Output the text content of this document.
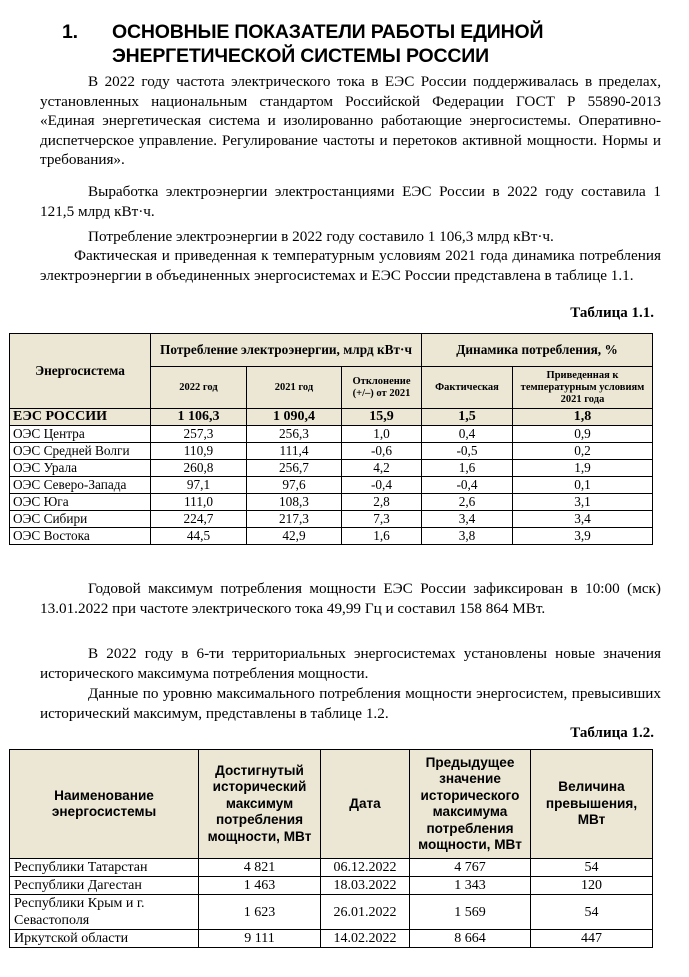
1. ОСНОВНЫЕ ПОКАЗАТЕЛИ РАБОТЫ ЕДИНОЙ ЭНЕРГЕТИЧЕСКОЙ СИСТЕМЫ РОССИИ
В 2022 году частота электрического тока в ЕЭС России поддерживалась в пределах, установленных национальным стандартом Российской Федерации ГОСТ Р 55890-2013 «Единая энергетическая система и изолированно работающие энергосистемы. Оперативно-диспетчерское управление. Регулирование частоты и перетоков активной мощности. Нормы и требования».
Выработка электроэнергии электростанциями ЕЭС России в 2022 году составила 1 121,5 млрд кВт·ч.
Потребление электроэнергии в 2022 году составило 1 106,3 млрд кВт·ч.
Фактическая и приведенная к температурным условиям 2021 года динамика потребления электроэнергии в объединенных энергосистемах и ЕЭС России представлена в таблице 1.1.
Таблица 1.1.
Энергосистема	Потребление электроэнергии, млрд кВт·ч			Динамика потребления, %	
	2022 год	2021 год	Отклонение (+/–) от 2021	Фактическая	Приведенная к температурным условиям 2021 года
ЕЭС РОССИИ	1 106,3	1 090,4	15,9	1,5	1,8
ОЭС Центра	257,3	256,3	1,0	0,4	0,9
ОЭС Средней Волги	110,9	111,4	-0,6	-0,5	0,2
ОЭС Урала	260,8	256,7	4,2	1,6	1,9
ОЭС Северо-Запада	97,1	97,6	-0,4	-0,4	0,1
ОЭС Юга	111,0	108,3	2,8	2,6	3,1
ОЭС Сибири	224,7	217,3	7,3	3,4	3,4
ОЭС Востока	44,5	42,9	1,6	3,8	3,9
Годовой максимум потребления мощности ЕЭС России зафиксирован в 10:00 (мск) 13.01.2022 при частоте электрического тока 49,99 Гц и составил 158 864 МВт.
В 2022 году в 6-ти территориальных энергосистемах установлены новые значения исторического максимума потребления мощности.
Данные по уровню максимального потребления мощности энергосистем, превысивших исторический максимум, представлены в таблице 1.2.
Таблица 1.2.
Наименование энергосистемы	Достигнутый исторический максимум потребления мощности, МВт	Дата	Предыдущее значение исторического максимума потребления мощности, МВт	Величина превышения, МВт
Республики Татарстан	4 821	06.12.2022	4 767	54
Республики Дагестан	1 463	18.03.2022	1 343	120
Республики Крым и г. Севастополя	1 623	26.01.2022	1 569	54
Иркутской области	9 111	14.02.2022	8 664	447
